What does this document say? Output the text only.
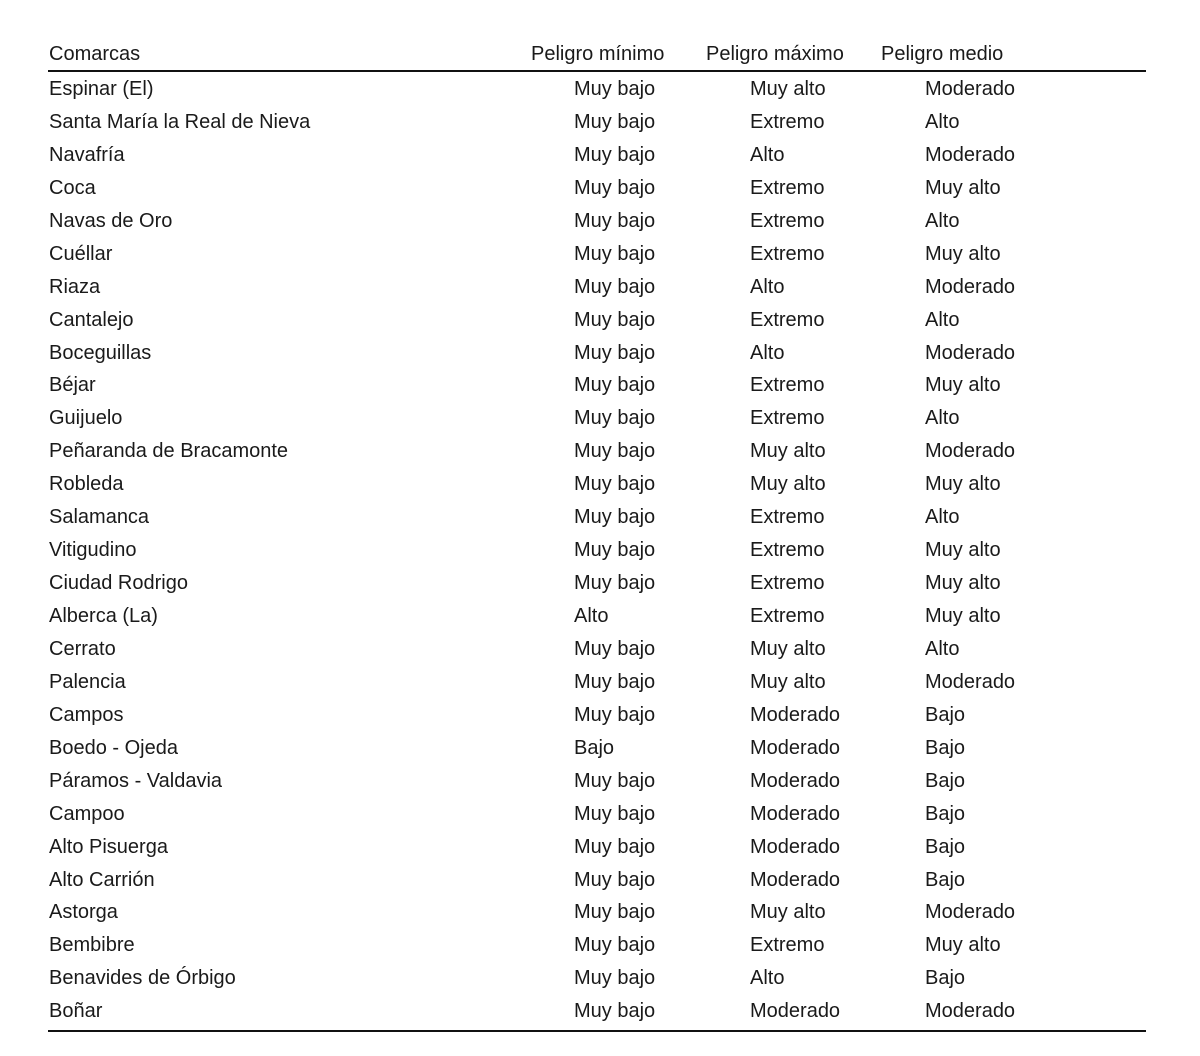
Comarcas	Peligro mínimo Peligro máximo Peligro medio
Espinar (El)	Muy bajo	Muy alto	Moderado
Santa María la Real de Nieva	Muy bajo	Extremo	Alto
Navafría	Muy bajo	Alto	Moderado
Coca	Muy bajo	Extremo	Muy alto
Navas de Oro	Muy bajo	Extremo	Alto
Cuéllar	Muy bajo	Extremo	Muy alto
Riaza	Muy bajo	Alto	Moderado
Cantalejo	Muy bajo	Extremo	Alto
Boceguillas	Muy bajo	Alto	Moderado
Béjar	Muy bajo	Extremo	Muy alto
Guijuelo	Muy bajo	Extremo	Alto
Peñaranda de Bracamonte	Muy bajo	Muy alto	Moderado
Robleda	Muy bajo	Muy alto	Muy alto
Salamanca	Muy bajo	Extremo	Alto
Vitigudino	Muy bajo	Extremo	Muy alto
Ciudad Rodrigo	Muy bajo	Extremo	Muy alto
Alberca (La)	Alto	Extremo	Muy alto
Cerrato	Muy bajo	Muy alto	Alto
Palencia	Muy bajo	Muy alto	Moderado
Campos	Muy bajo	Moderado	Bajo
Boedo - Ojeda	Bajo	Moderado	Bajo
Páramos - Valdavia	Muy bajo	Moderado	Bajo
Campoo	Muy bajo	Moderado	Bajo
Alto Pisuerga	Muy bajo	Moderado	Bajo
Alto Carrión	Muy bajo	Moderado	Bajo
Astorga	Muy bajo	Muy alto	Moderado
Bembibre	Muy bajo	Extremo	Muy alto
Benavides de Órbigo	Muy bajo	Alto	Bajo
Boñar	Muy bajo	Moderado	Moderado
